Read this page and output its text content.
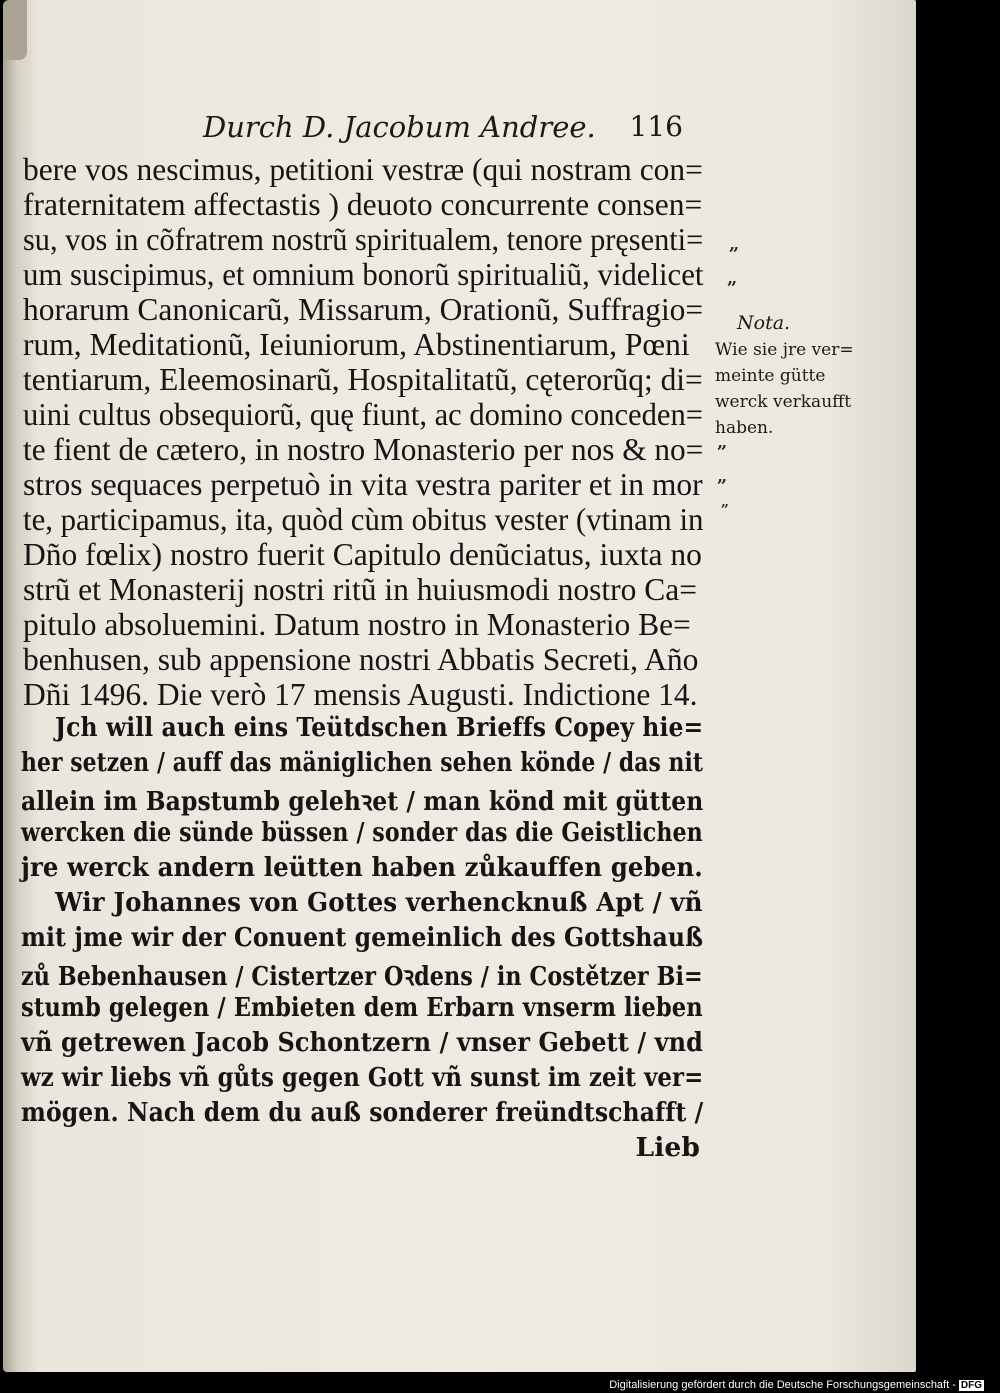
Durch D. Jacobum Andree. 116
bere vos nescimus, petitioni vestræ (qui nostram con=
fraternitatem affectastis ) deuoto concurrente consen=
su, vos in cõfratrem nostrũ spiritualem, tenore pręsenti=
um suscipimus, et omnium bonorũ spiritualiũ, videlicet
horarum Canonicarũ, Missarum, Orationũ, Suffragio=
rum, Meditationũ, Ieiuniorum, Abstinentiarum, Pœni
tentiarum, Eleemosinarũ, Hospitalitatũ, cęterorũq; di=
uini cultus obsequiorũ, quę fiunt, ac domino conceden=
te fient de cætero, in nostro Monasterio per nos & no=
stros sequaces perpetuò in vita vestra pariter et in mor
te, participamus, ita, quòd cùm obitus vester (vtinam in
Dño fœlix) nostro fuerit Capitulo denũciatus, iuxta no
strũ et Monasterij nostri ritũ in huiusmodi nostro Ca=
pitulo absoluemini. Datum nostro in Monasterio Be=
benhusen, sub appensione nostri Abbatis Secreti, Año
Dñi 1496. Die verò 17 mensis Augusti. Indictione 14.
Jch will auch eins Teütdschen Brieffs Copey hie=
her setzen / auff das mäniglichen sehen könde / das nit
allein im Bapstumb gelehꝛet / man könd mit gütten
wercken die sünde büssen / sonder das die Geistlichen
jre werck andern leütten haben zůkauffen geben.
Wir Johannes von Gottes verhencknuß Apt / vñ
mit jme wir der Conuent gemeinlich des Gottshauß
zů Bebenhausen / Cistertzer Oꝛdens / in Costětzer Bi=
stumb gelegen / Embieten dem Erbarn vnserm lieben
vñ getrewen Jacob Schontzern / vnser Gebett / vnd
wz wir liebs vñ gůts gegen Gott vñ sunst im zeit ver=
mögen. Nach dem du auß sonderer freündtschafft /
Lieb
„
„
Nota.
Wie sie jre ver=
meinte gütte
werck verkaufft
haben.
„
„
„
Digitalisierung gefördert durch die Deutsche Forschungsgemeinschaft - DFG
